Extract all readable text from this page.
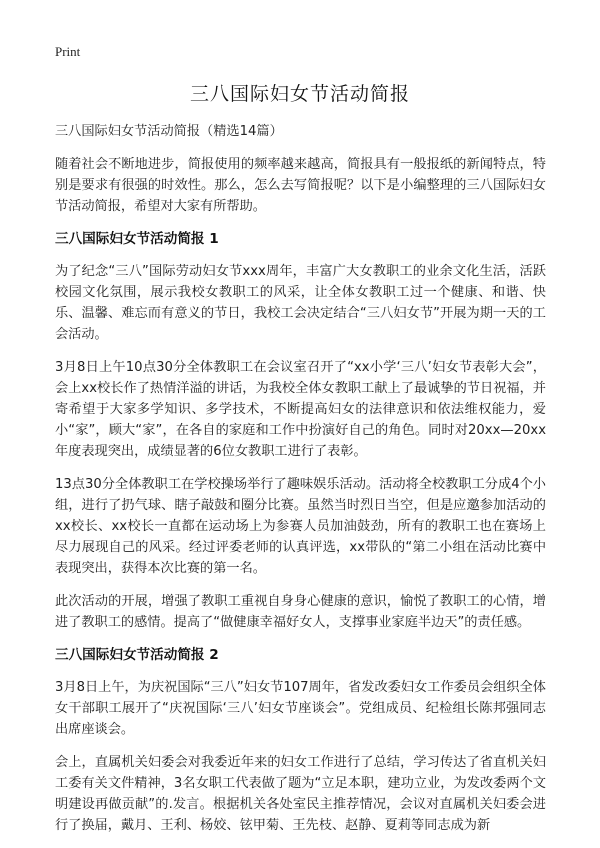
Print
三八国际妇女节活动简报

三八国际妇女节活动简报（精选14篇）

随着社会不断地进步，简报使用的频率越来越高，简报具有一般报纸的新闻特点，特别是要求有很强的时效性。那么，怎么去写简报呢？以下是小编整理的三八国际妇女节活动简报，希望对大家有所帮助。

三八国际妇女节活动简报 1

为了纪念“三八”国际劳动妇女节xxx周年，丰富广大女教职工的业余文化生活，活跃校园文化氛围，展示我校女教职工的风采，让全体女教职工过一个健康、和谐、快乐、温馨、难忘而有意义的节日，我校工会决定结合“三八妇女节”开展为期一天的工会活动。

3月8日上午10点30分全体教职工在会议室召开了“xx小学‘三八’妇女节表彰大会”，会上xx校长作了热情洋溢的讲话，为我校全体女教职工献上了最诚挚的节日祝福，并寄希望于大家多学知识、多学技术，不断提高妇女的法律意识和依法维权能力，爱小“家”，顾大“家”，在各自的家庭和工作中扮演好自己的角色。同时对20xx—20xx年度表现突出，成绩显著的6位女教职工进行了表彰。

13点30分全体教职工在学校操场举行了趣味娱乐活动。活动将全校教职工分成4个小组，进行了扔气球、瞎子敲鼓和圈分比赛。虽然当时烈日当空，但是应邀参加活动的xx校长、xx校长一直都在运动场上为参赛人员加油鼓劲，所有的教职工也在赛场上尽力展现自己的风采。经过评委老师的认真评选，xx带队的“第二小组在活动比赛中表现突出，获得本次比赛的第一名。

此次活动的开展，增强了教职工重视自身身心健康的意识，愉悦了教职工的心情，增进了教职工的感情。提高了“做健康幸福好女人，支撑事业家庭半边天”的责任感。

三八国际妇女节活动简报 2

3月8日上午，为庆祝国际“三八”妇女节107周年，省发改委妇女工作委员会组织全体女干部职工展开了“庆祝国际‘三八’妇女节座谈会”。党组成员、纪检组长陈邦强同志出席座谈会。

会上，直属机关妇委会对我委近年来的妇女工作进行了总结，学习传达了省直机关妇工委有关文件精神，3名女职工代表做了题为“立足本职，建功立业，为发改委两个文明建设再做贡献”的.发言。根据机关各处室民主推荐情况，会议对直属机关妇委会进行了换届，戴月、王利、杨姣、铉甲菊、王先枝、赵静、夏莉等同志成为新
